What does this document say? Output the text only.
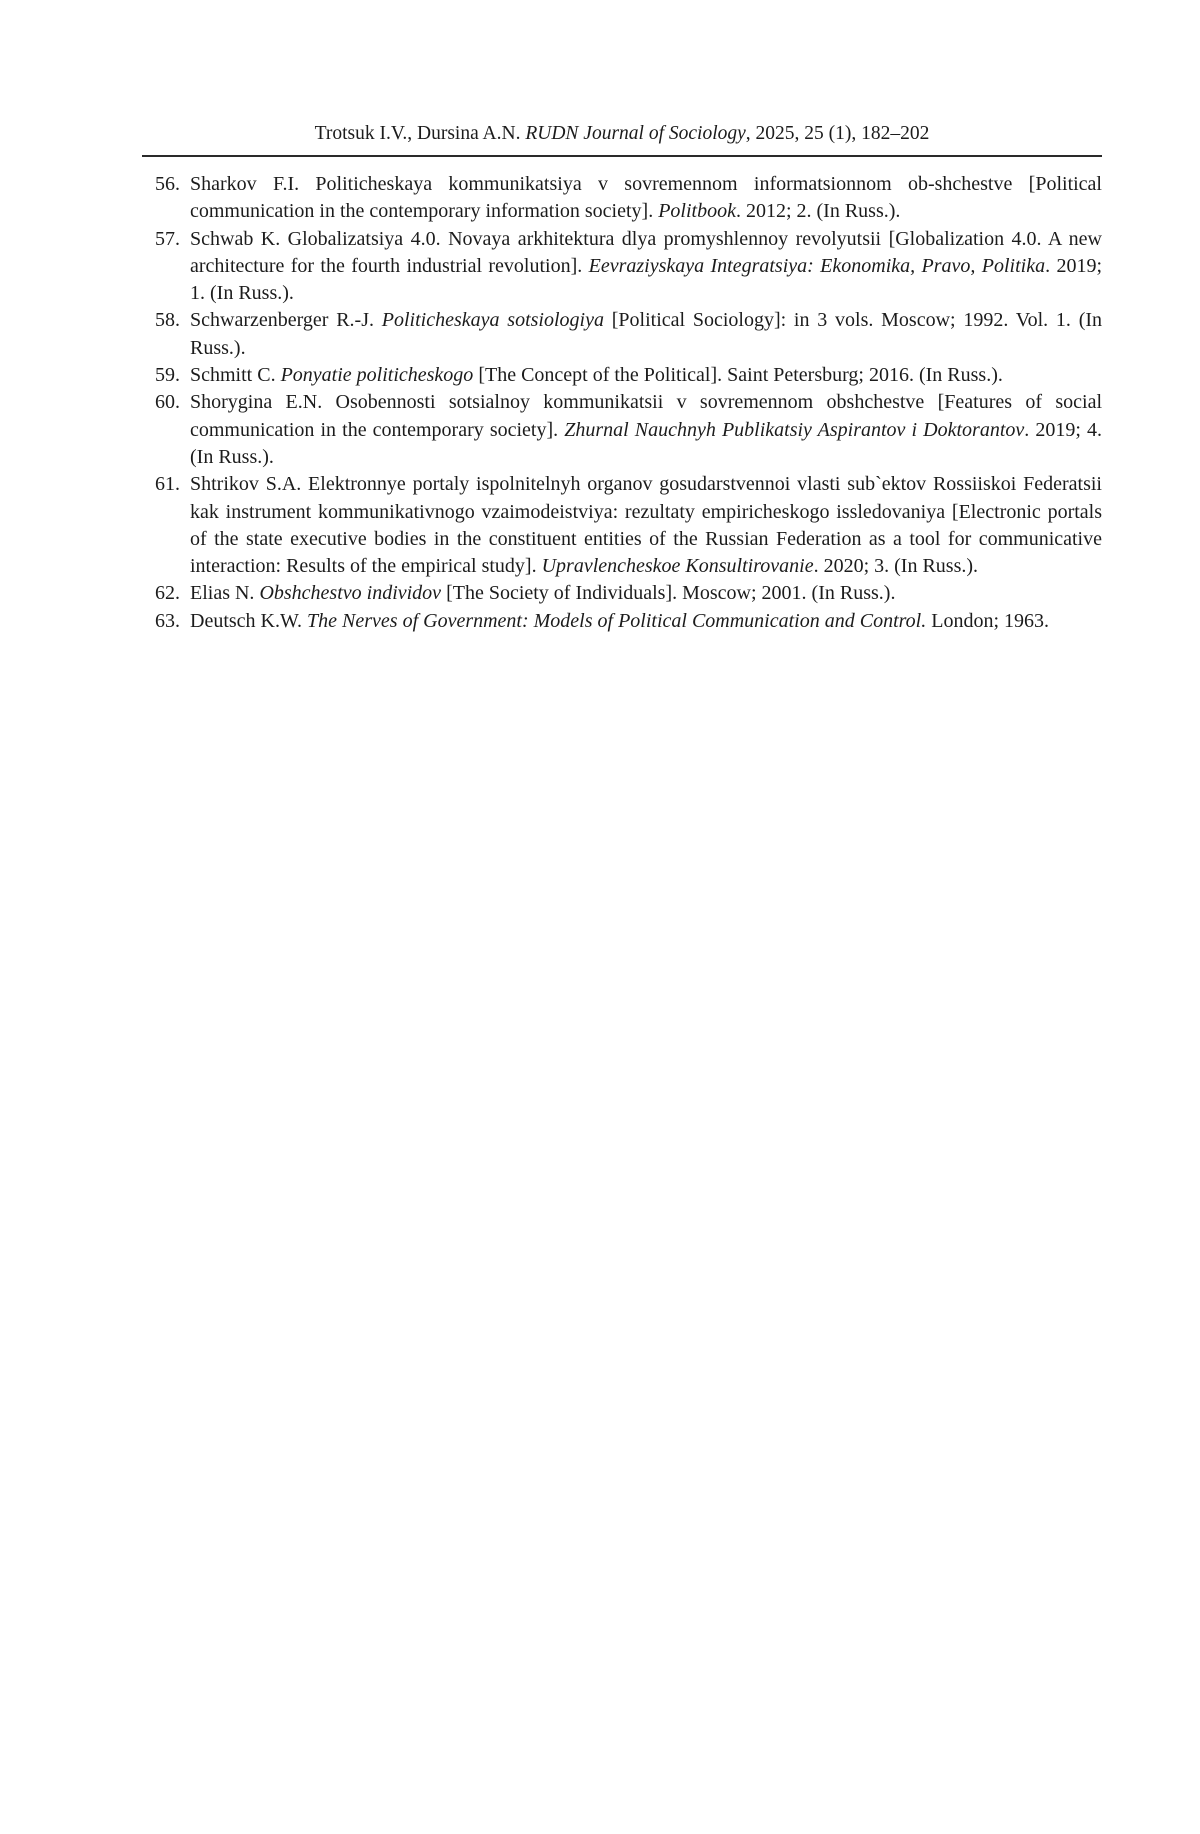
Trotsuk I.V., Dursina A.N. RUDN Journal of Sociology, 2025, 25 (1), 182–202
56. Sharkov F.I. Politicheskaya kommunikatsiya v sovremennom informatsionnom ob-shchestve [Political communication in the contemporary information society]. Politbook. 2012; 2. (In Russ.).
57. Schwab K. Globalizatsiya 4.0. Novaya arkhitektura dlya promyshlennoy revolyutsii [Globalization 4.0. A new architecture for the fourth industrial revolution]. Eevraziyskaya Integratsiya: Ekonomika, Pravo, Politika. 2019; 1. (In Russ.).
58. Schwarzenberger R.-J. Politicheskaya sotsiologiya [Political Sociology]: in 3 vols. Moscow; 1992. Vol. 1. (In Russ.).
59. Schmitt C. Ponyatie politicheskogo [The Concept of the Political]. Saint Petersburg; 2016. (In Russ.).
60. Shorygina E.N. Osobennosti sotsialnoy kommunikatsii v sovremennom obshchestve [Features of social communication in the contemporary society]. Zhurnal Nauchnyh Publikatsiy Aspirantov i Doktorantov. 2019; 4. (In Russ.).
61. Shtrikov S.A. Elektronnye portaly ispolnitelnyh organov gosudarstvennoi vlasti sub`ektov Rossiiskoi Federatsii kak instrument kommunikativnogo vzaimodeistviya: rezultaty empiricheskogo issledovaniya [Electronic portals of the state executive bodies in the constituent entities of the Russian Federation as a tool for communicative interaction: Results of the empirical study]. Upravlencheskoe Konsultirovanie. 2020; 3. (In Russ.).
62. Elias N. Obshchestvo individov [The Society of Individuals]. Moscow; 2001. (In Russ.).
63. Deutsch K.W. The Nerves of Government: Models of Political Communication and Control. London; 1963.
